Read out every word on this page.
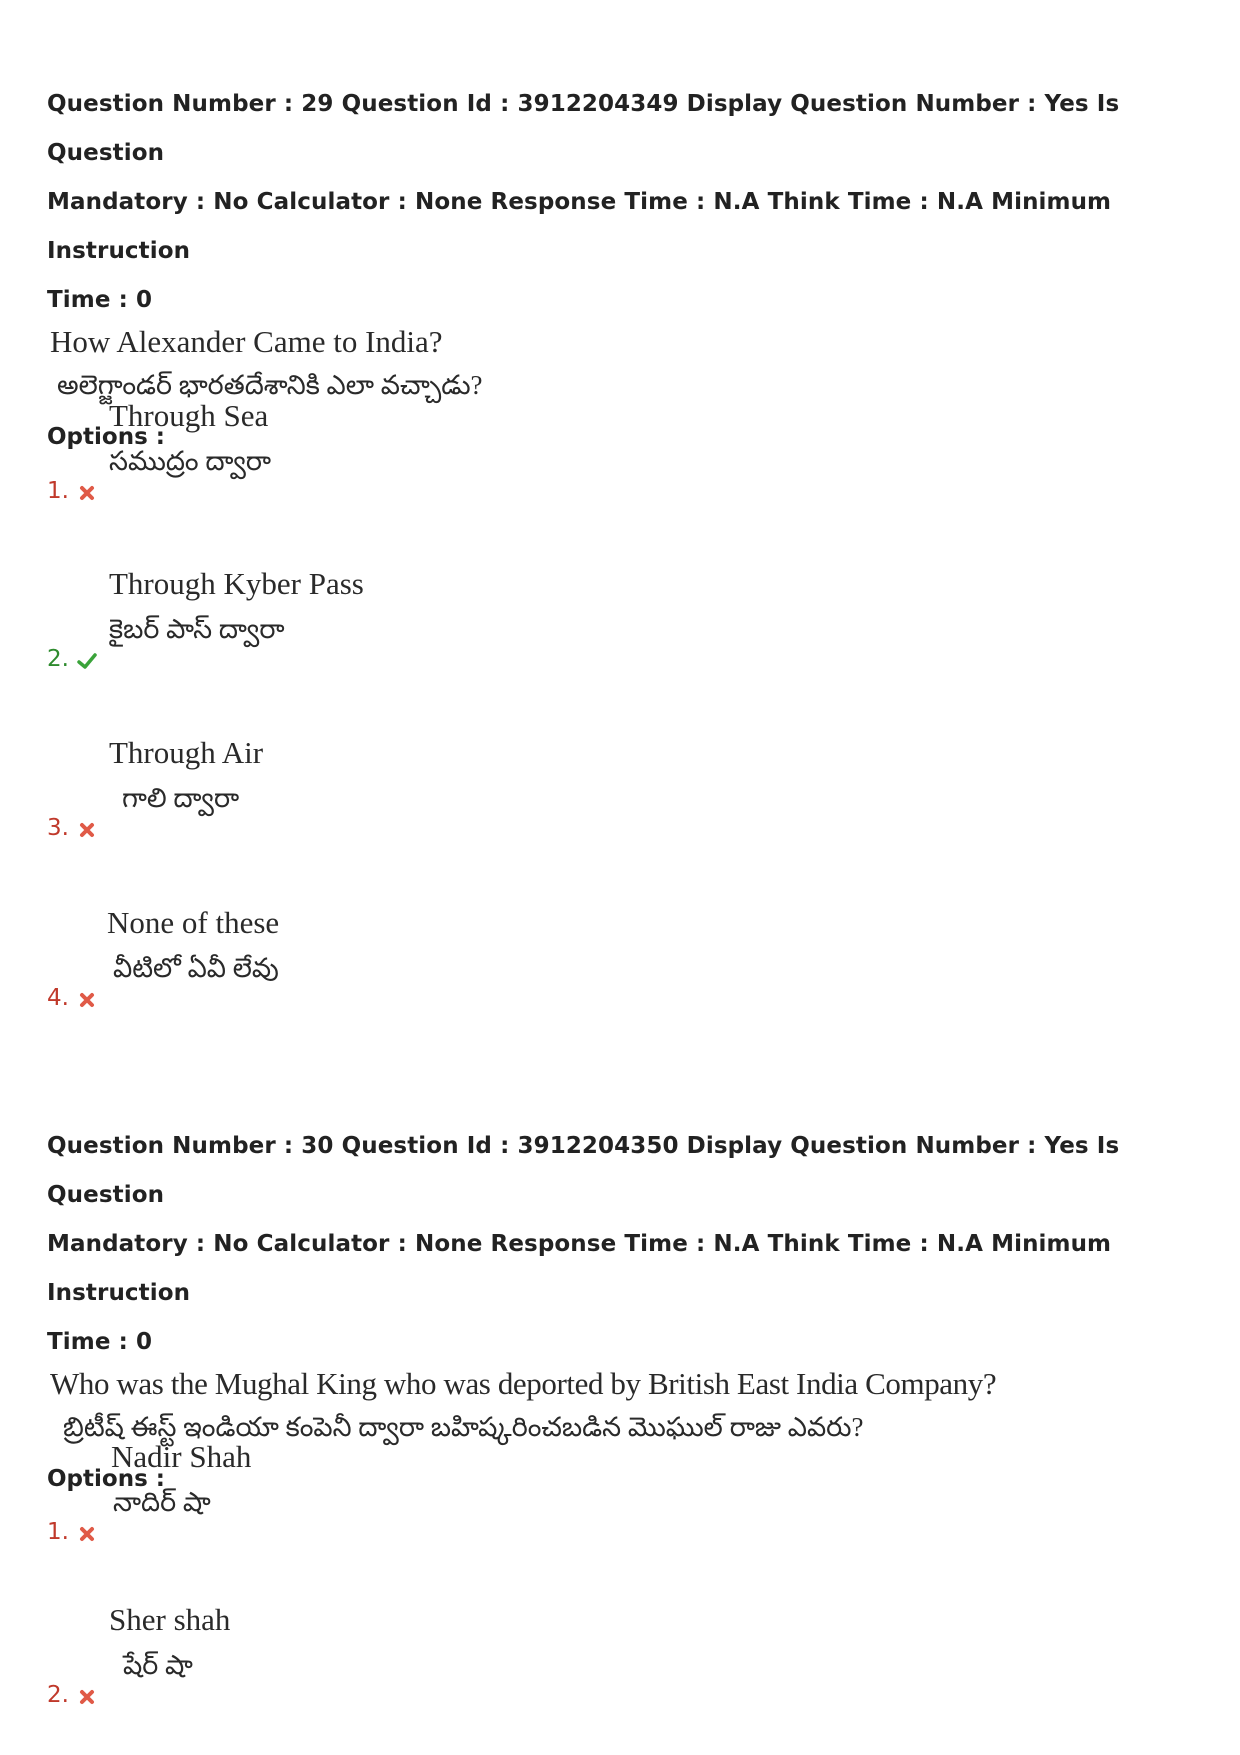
Question Number : 29 Question Id : 3912204349 Display Question Number : Yes Is Question
Mandatory : No Calculator : None Response Time : N.A Think Time : N.A Minimum Instruction
Time : 0
How Alexander Came to India?
అలెగ్జాండర్ భారతదేశానికి ఎలా వచ్చాడు?
Options :
Through Sea
సముద్రం ద్వారా
1.
Through Kyber Pass
కైబర్ పాస్ ద్వారా
2.
Through Air
గాలి ద్వారా
3.
None of these
వీటిలో ఏవీ లేవు
4.
Question Number : 30 Question Id : 3912204350 Display Question Number : Yes Is Question
Mandatory : No Calculator : None Response Time : N.A Think Time : N.A Minimum Instruction
Time : 0
Who was the Mughal King who was deported by British East India Company?
బ్రిటీష్ ఈస్ట్ ఇండియా కంపెనీ ద్వారా బహిష్కరించబడిన మొఘుల్ రాజు ఎవరు?
Options :
Nadir Shah
నాదిర్ షా
1.
Sher shah
షేర్ షా
2.
